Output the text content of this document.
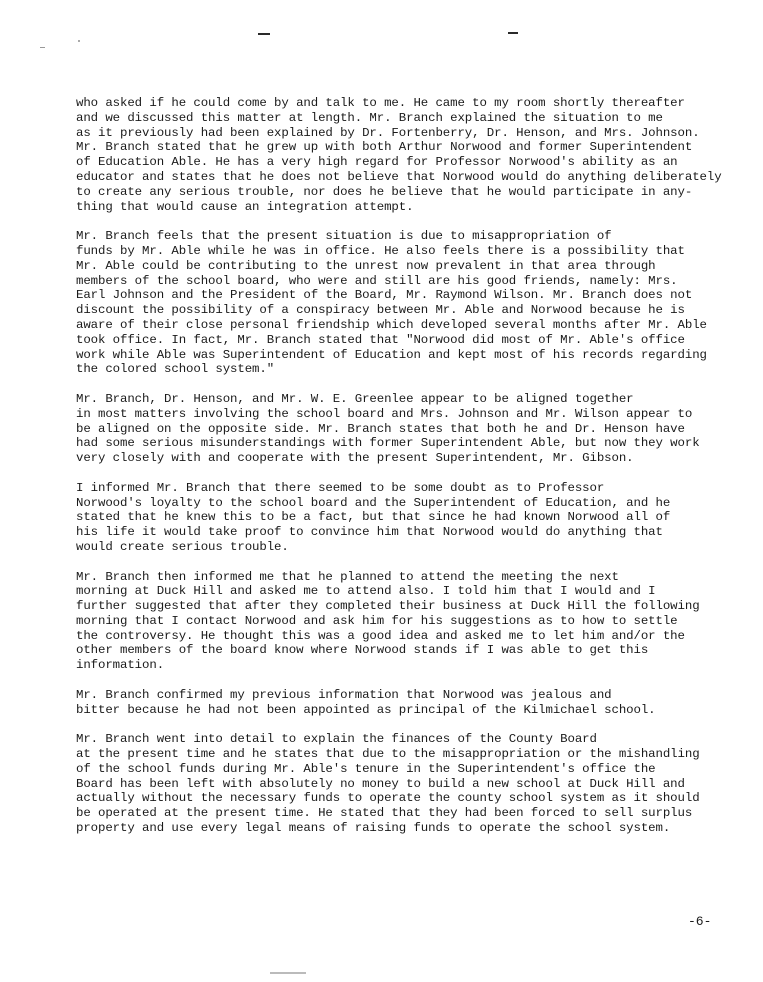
who asked if he could come by and talk to me. He came to my room shortly thereafter
and we discussed this matter at length. Mr. Branch explained the situation to me
as it previously had been explained by Dr. Fortenberry, Dr. Henson, and Mrs. Johnson.
Mr. Branch stated that he grew up with both Arthur Norwood and former Superintendent
of Education Able. He has a very high regard for Professor Norwood's ability as an
educator and states that he does not believe that Norwood would do anything deliberately
to create any serious trouble, nor does he believe that he would participate in any-
thing that would cause an integration attempt.

Mr. Branch feels that the present situation is due to misappropriation of
funds by Mr. Able while he was in office. He also feels there is a possibility that
Mr. Able could be contributing to the unrest now prevalent in that area through
members of the school board, who were and still are his good friends, namely: Mrs.
Earl Johnson and the President of the Board, Mr. Raymond Wilson. Mr. Branch does not
discount the possibility of a conspiracy between Mr. Able and Norwood because he is
aware of their close personal friendship which developed several months after Mr. Able
took office. In fact, Mr. Branch stated that "Norwood did most of Mr. Able's office
work while Able was Superintendent of Education and kept most of his records regarding
the colored school system."

Mr. Branch, Dr. Henson, and Mr. W. E. Greenlee appear to be aligned together
in most matters involving the school board and Mrs. Johnson and Mr. Wilson appear to
be aligned on the opposite side. Mr. Branch states that both he and Dr. Henson have
had some serious misunderstandings with former Superintendent Able, but now they work
very closely with and cooperate with the present Superintendent, Mr. Gibson.

I informed Mr. Branch that there seemed to be some doubt as to Professor
Norwood's loyalty to the school board and the Superintendent of Education, and he
stated that he knew this to be a fact, but that since he had known Norwood all of
his life it would take proof to convince him that Norwood would do anything that
would create serious trouble.

Mr. Branch then informed me that he planned to attend the meeting the next
morning at Duck Hill and asked me to attend also. I told him that I would and I
further suggested that after they completed their business at Duck Hill the following
morning that I contact Norwood and ask him for his suggestions as to how to settle
the controversy. He thought this was a good idea and asked me to let him and/or the
other members of the board know where Norwood stands if I was able to get this
information.

Mr. Branch confirmed my previous information that Norwood was jealous and
bitter because he had not been appointed as principal of the Kilmichael school.

Mr. Branch went into detail to explain the finances of the County Board
at the present time and he states that due to the misappropriation or the mishandling
of the school funds during Mr. Able's tenure in the Superintendent's office the
Board has been left with absolutely no money to build a new school at Duck Hill and
actually without the necessary funds to operate the county school system as it should
be operated at the present time. He stated that they had been forced to sell surplus
property and use every legal means of raising funds to operate the school system.

-6-
